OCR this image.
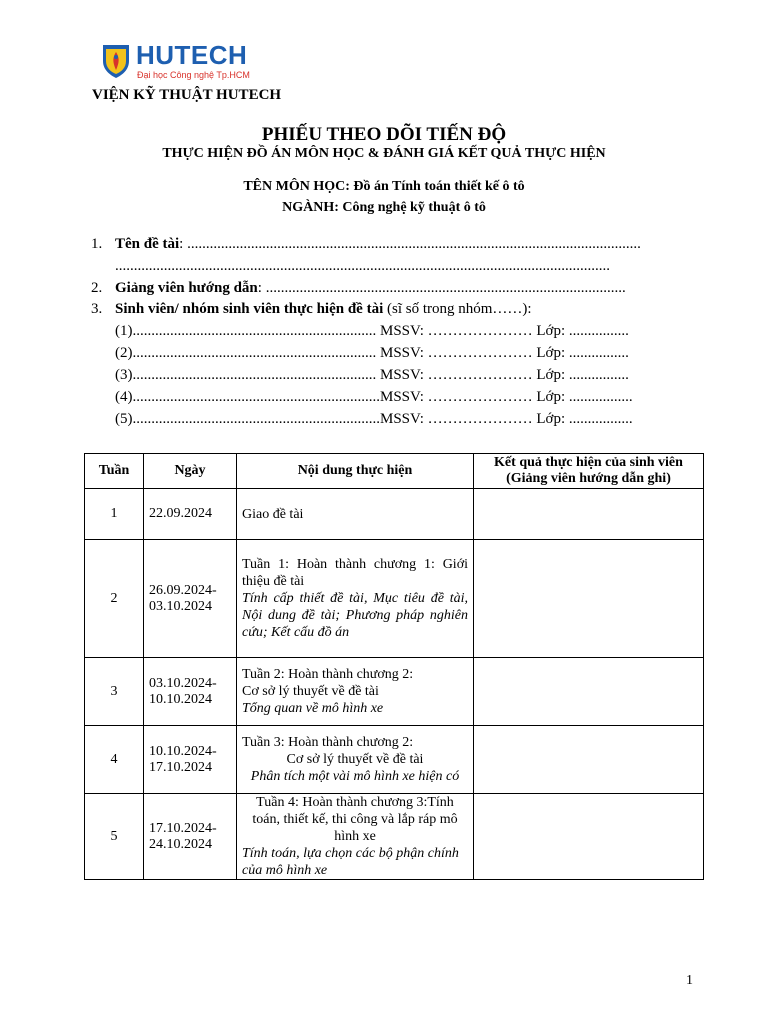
HUTECH
Đại học Công nghệ Tp.HCM
VIỆN KỸ THUẬT HUTECH
PHIẾU THEO DÕI TIẾN ĐỘ
THỰC HIỆN ĐỒ ÁN MÔN HỌC & ĐÁNH GIÁ KẾT QUẢ THỰC HIỆN
TÊN MÔN HỌC: Đồ án Tính toán thiết kế ô tô
NGÀNH: Công nghệ kỹ thuật ô tô
1. Tên đề tài: .........................................................................................................................
....................................................................................................................................
2. Giảng viên hướng dẫn: ................................................................................................
3. Sinh viên/ nhóm sinh viên thực hiện đề tài (sĩ số trong nhóm……):
(1)................................................................. MSSV: ………………… Lớp: ................
(2)................................................................. MSSV: ………………… Lớp: ................
(3)................................................................. MSSV: ………………… Lớp: ................
(4)..................................................................MSSV: ………………… Lớp: .................
(5)..................................................................MSSV: ………………… Lớp: .................
Tuần	Ngày	Nội dung thực hiện	Kết quả thực hiện của sinh viên
(Giảng viên hướng dẫn ghi)

1	22.09.2024	Giao đề tài	

2	26.09.2024-
03.10.2024	Tuần 1: Hoàn thành chương 1: Giới thiệu đề tài
Tính cấp thiết đề tài, Mục tiêu đề tài, Nội dung đề tài; Phương pháp nghiên cứu; Kết cấu đồ án	

3	03.10.2024-
10.10.2024	Tuần 2: Hoàn thành chương 2:
Cơ sở lý thuyết về đề tài
Tổng quan về mô hình xe	

4	10.10.2024-
17.10.2024	Tuần 3: Hoàn thành chương 2:
Cơ sở lý thuyết về đề tài
Phân tích một vài mô hình xe hiện có	

5	17.10.2024-
24.10.2024	Tuần 4: Hoàn thành chương 3:Tính toán, thiết kế, thi công và lắp ráp mô hình xe
Tính toán, lựa chọn các bộ phận chính của mô hình xe	

1
